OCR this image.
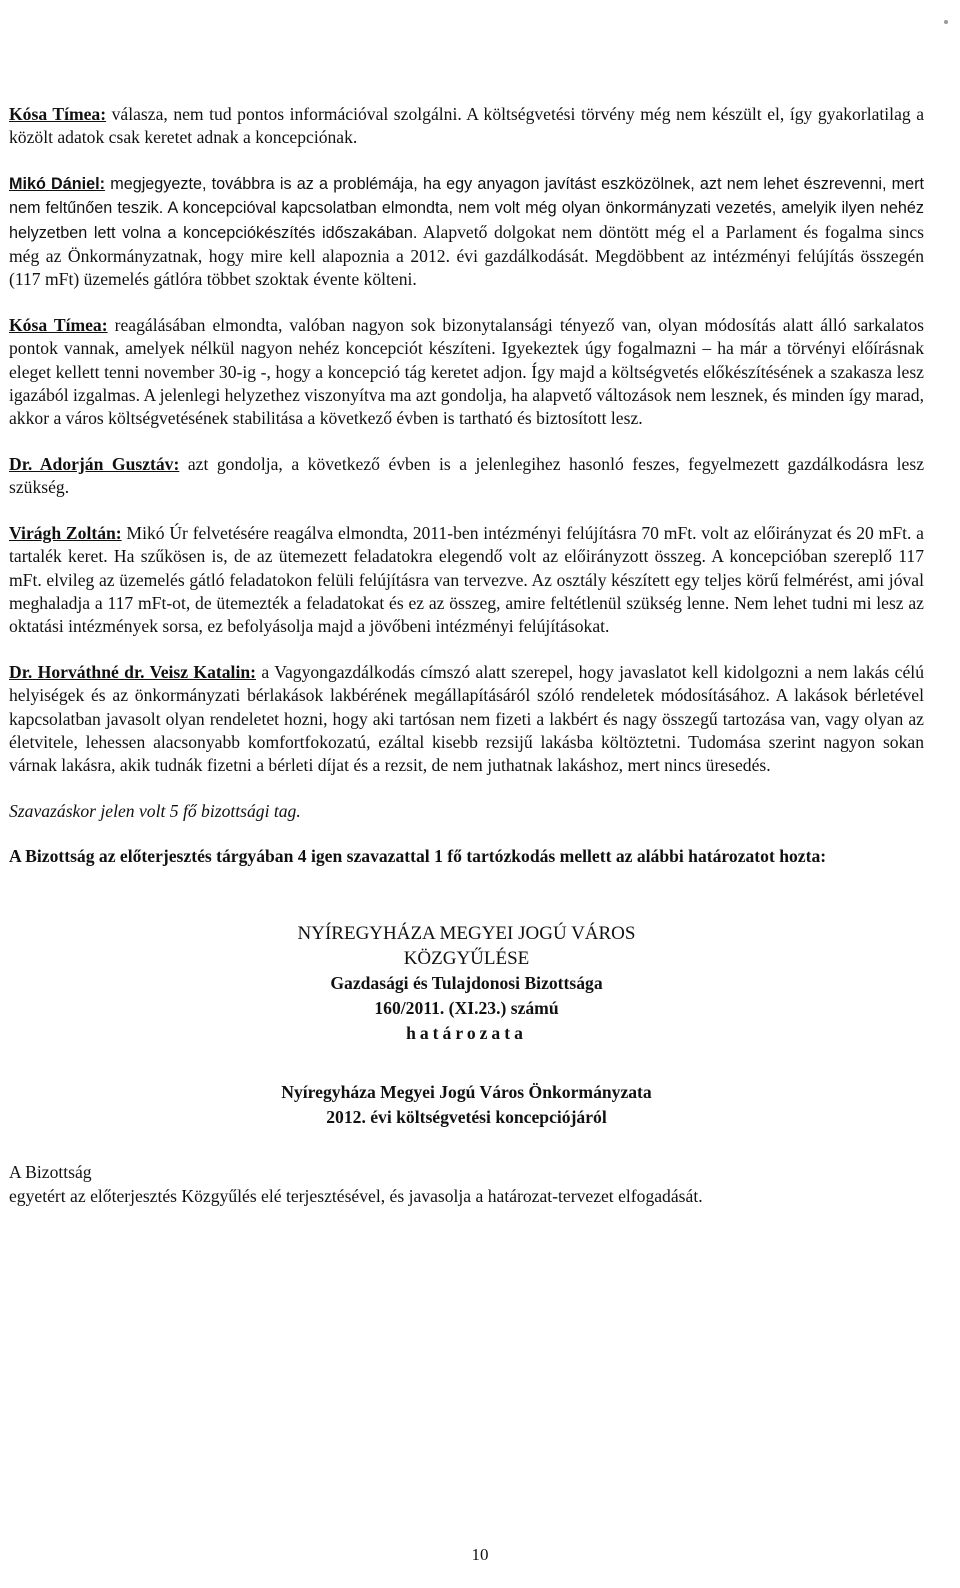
Kósa Tímea: válasza, nem tud pontos információval szolgálni. A költségvetési törvény még nem készült el, így gyakorlatilag a közölt adatok csak keretet adnak a koncepciónak.

Mikó Dániel: megjegyezte, továbbra is az a problémája, ha egy anyagon javítást eszközölnek, azt nem lehet észrevenni, mert nem feltűnően teszik. A koncepcióval kapcsolatban elmondta, nem volt még olyan önkormányzati vezetés, amelyik ilyen nehéz helyzetben lett volna a koncepciókészítés időszakában. Alapvető dolgokat nem döntött még el a Parlament és fogalma sincs még az Önkormányzatnak, hogy mire kell alapoznia a 2012. évi gazdálkodását. Megdöbbent az intézményi felújítás összegén (117 mFt) üzemelés gátlóra többet szoktak évente költeni.

Kósa Tímea: reagálásában elmondta, valóban nagyon sok bizonytalansági tényező van, olyan módosítás alatt álló sarkalatos pontok vannak, amelyek nélkül nagyon nehéz koncepciót készíteni. Igyekeztek úgy fogalmazni – ha már a törvényi előírásnak eleget kellett tenni november 30-ig -, hogy a koncepció tág keretet adjon. Így majd a költségvetés előkészítésének a szakasza lesz igazából izgalmas. A jelenlegi helyzethez viszonyítva ma azt gondolja, ha alapvető változások nem lesznek, és minden így marad, akkor a város költségvetésének stabilitása a következő évben is tartható és biztosított lesz.

Dr. Adorján Gusztáv: azt gondolja, a következő évben is a jelenlegihez hasonló feszes, fegyelmezett gazdálkodásra lesz szükség.

Virágh Zoltán: Mikó Úr felvetésére reagálva elmondta, 2011-ben intézményi felújításra 70 mFt. volt az előirányzat és 20 mFt. a tartalék keret. Ha szűkösen is, de az ütemezett feladatokra elegendő volt az előirányzott összeg. A koncepcióban szereplő 117 mFt. elvileg az üzemelés gátló feladatokon felüli felújításra van tervezve. Az osztály készített egy teljes körű felmérést, ami jóval meghaladja a 117 mFt-ot, de ütemezték a feladatokat és ez az összeg, amire feltétlenül szükség lenne. Nem lehet tudni mi lesz az oktatási intézmények sorsa, ez befolyásolja majd a jövőbeni intézményi felújításokat.

Dr. Horváthné dr. Veisz Katalin: a Vagyongazdálkodás címszó alatt szerepel, hogy javaslatot kell kidolgozni a nem lakás célú helyiségek és az önkormányzati bérlakások lakbérének megállapításáról szóló rendeletek módosításához. A lakások bérletével kapcsolatban javasolt olyan rendeletet hozni, hogy aki tartósan nem fizeti a lakbért és nagy összegű tartozása van, vagy olyan az életvitele, lehessen alacsonyabb komfortfokozatú, ezáltal kisebb rezsijű lakásba költöztetni. Tudomása szerint nagyon sokan várnak lakásra, akik tudnák fizetni a bérleti díjat és a rezsit, de nem juthatnak lakáshoz, mert nincs üresedés.

Szavazáskor jelen volt 5 fő bizottsági tag.

A Bizottság az előterjesztés tárgyában 4 igen szavazattal 1 fő tartózkodás mellett az alábbi határozatot hozta:

NYÍREGYHÁZA MEGYEI JOGÚ VÁROS
KÖZGYŰLÉSE
Gazdasági és Tulajdonosi Bizottsága
160/2011. (XI.23.) számú
határozata
Nyíregyháza Megyei Jogú Város Önkormányzata
2012. évi költségvetési koncepciójáról
A Bizottság
egyetért az előterjesztés Közgyűlés elé terjesztésével, és javasolja a határozat-tervezet elfogadását.
10
